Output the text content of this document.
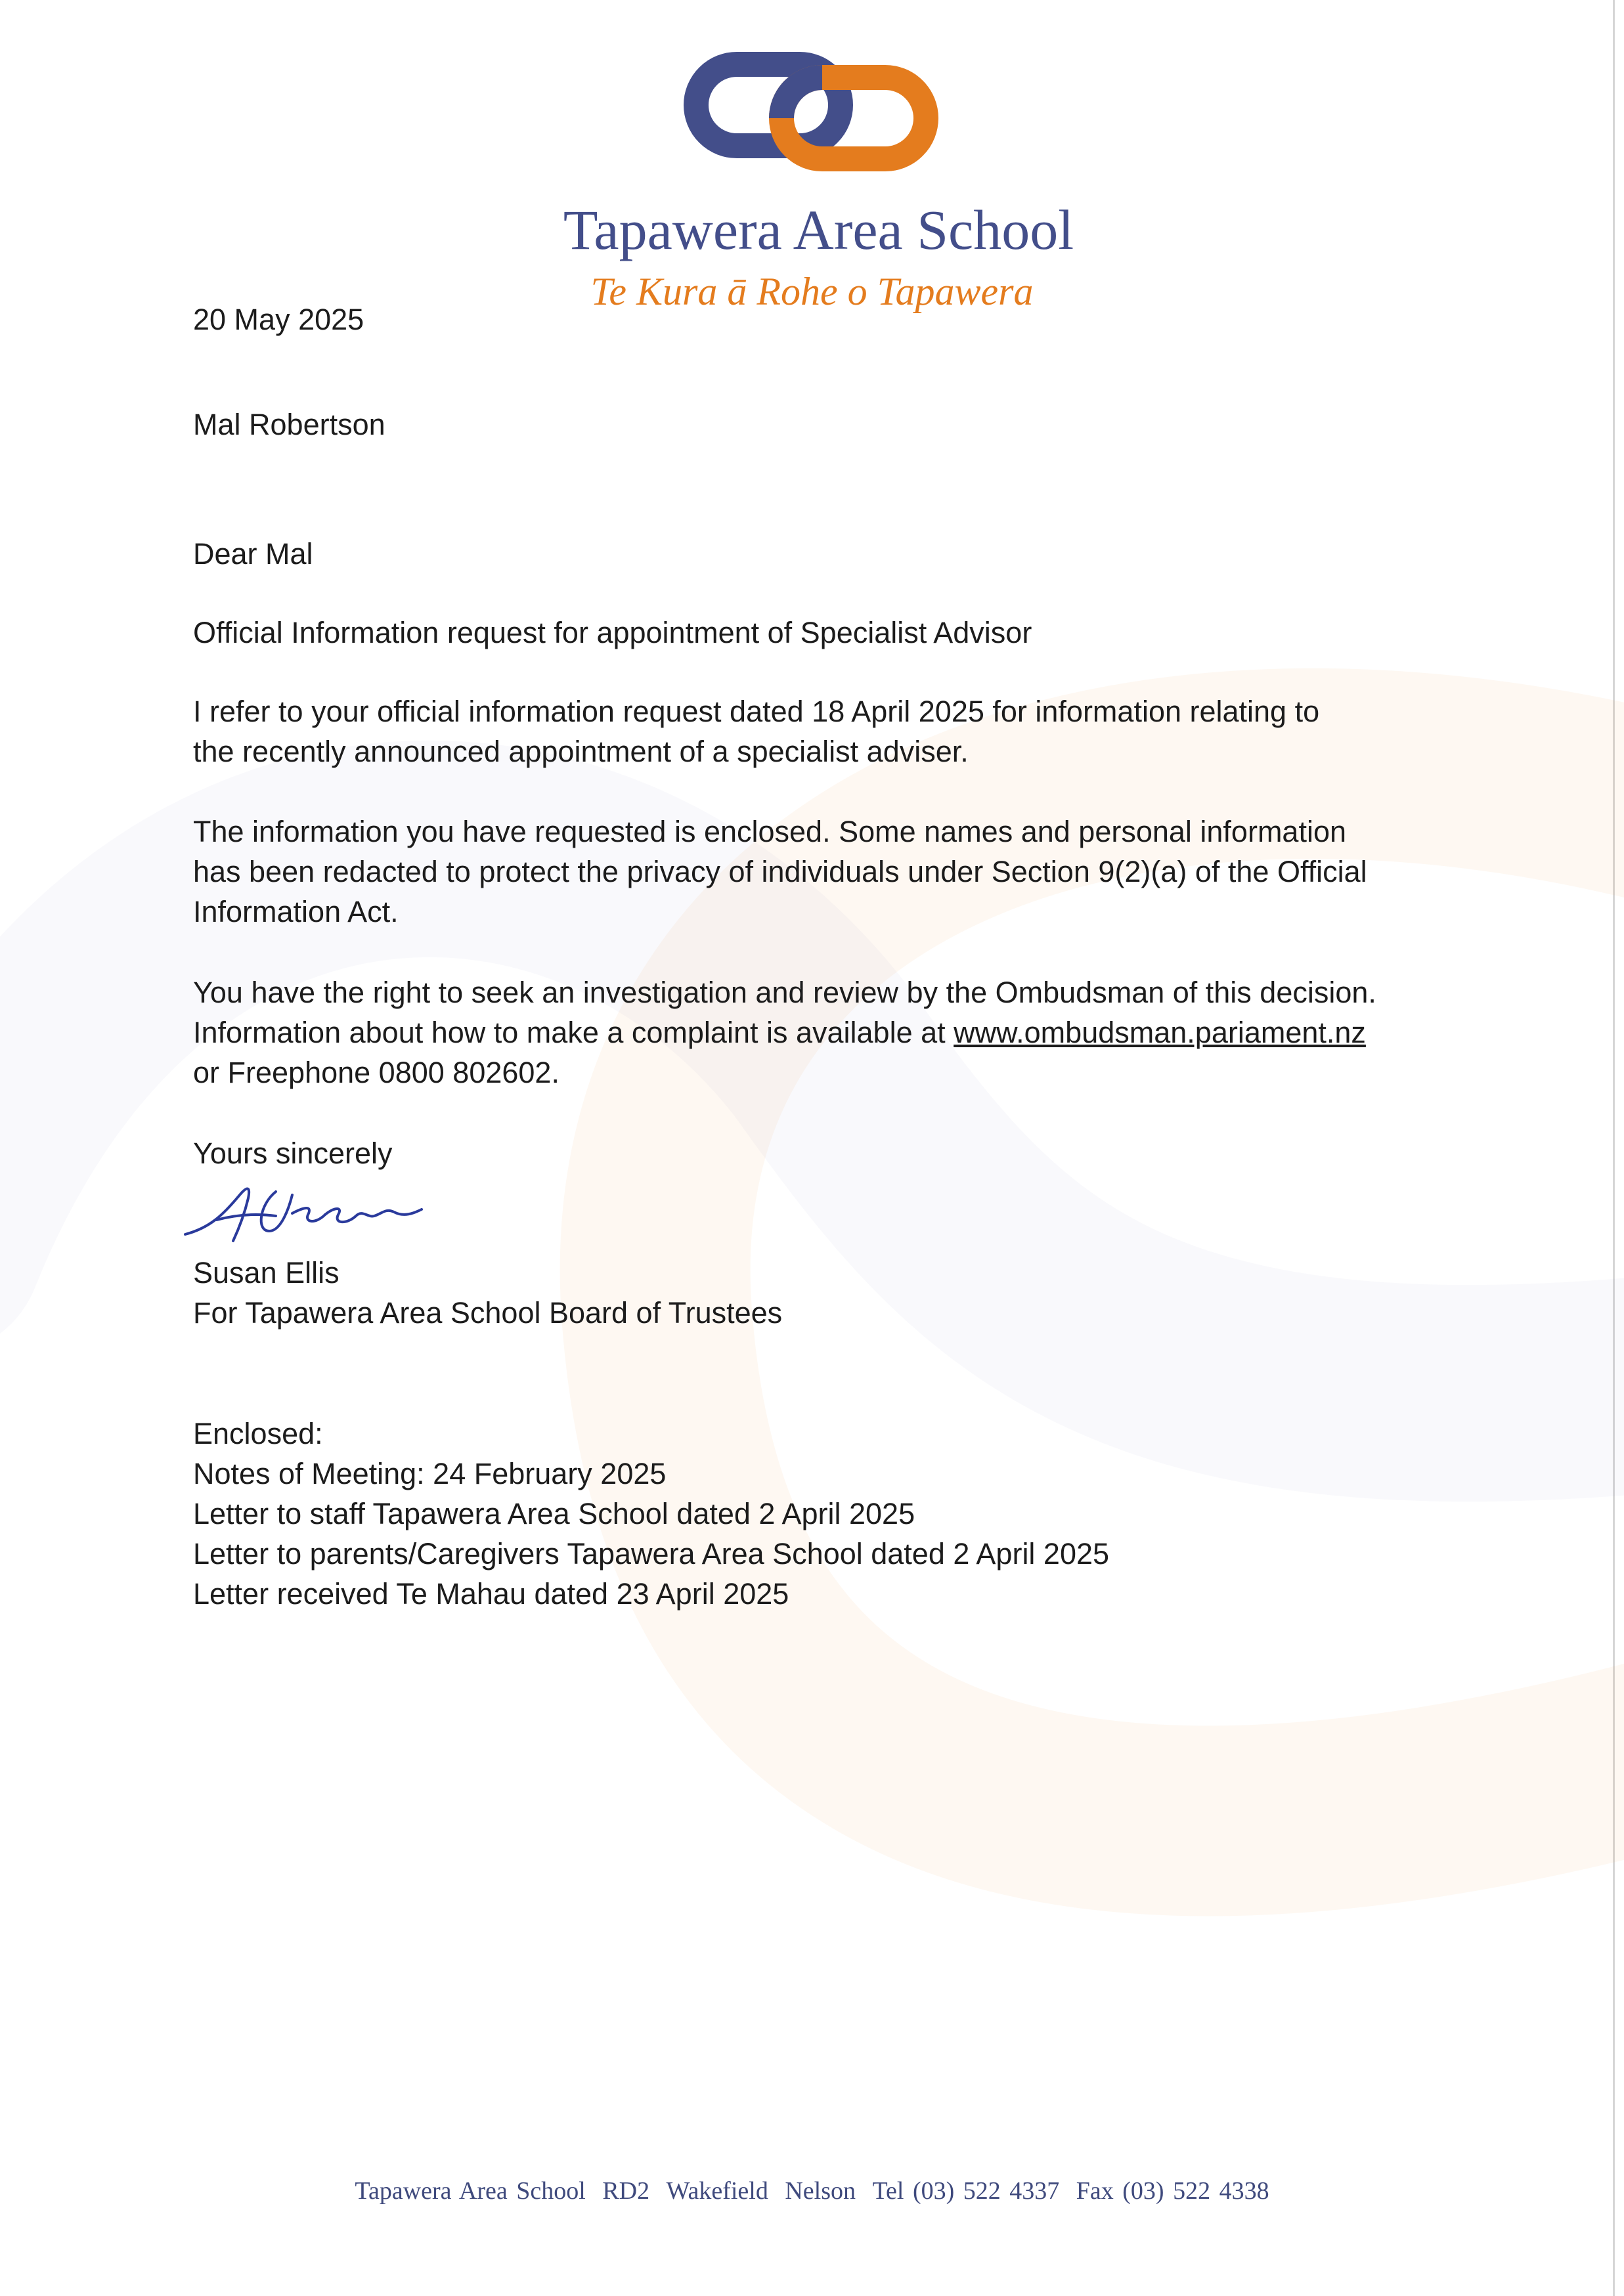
Tapawera Area School
Te Kura ā Rohe o Tapawera
20 May 2025
Mal Robertson
Dear Mal
Official Information request for appointment of Specialist Advisor
I refer to your official information request dated 18 April 2025 for information relating to
the recently announced appointment of a specialist adviser.
The information you have requested is enclosed. Some names and personal information
has been redacted to protect the privacy of individuals under Section 9(2)(a) of the Official
Information Act.
You have the right to seek an investigation and review by the Ombudsman of this decision.
Information about how to make a complaint is available at www.ombudsman.pariament.nz
or Freephone 0800 802602.
Yours sincerely
Susan Ellis
For Tapawera Area School Board of Trustees
Enclosed:
Notes of Meeting: 24 February 2025
Letter to staff Tapawera Area School dated 2 April 2025
Letter to parents/Caregivers Tapawera Area School dated 2 April 2025
Letter received Te Mahau dated 23 April 2025
Tapawera Area School RD2 Wakefield Nelson Tel (03) 522 4337 Fax (03) 522 4338
